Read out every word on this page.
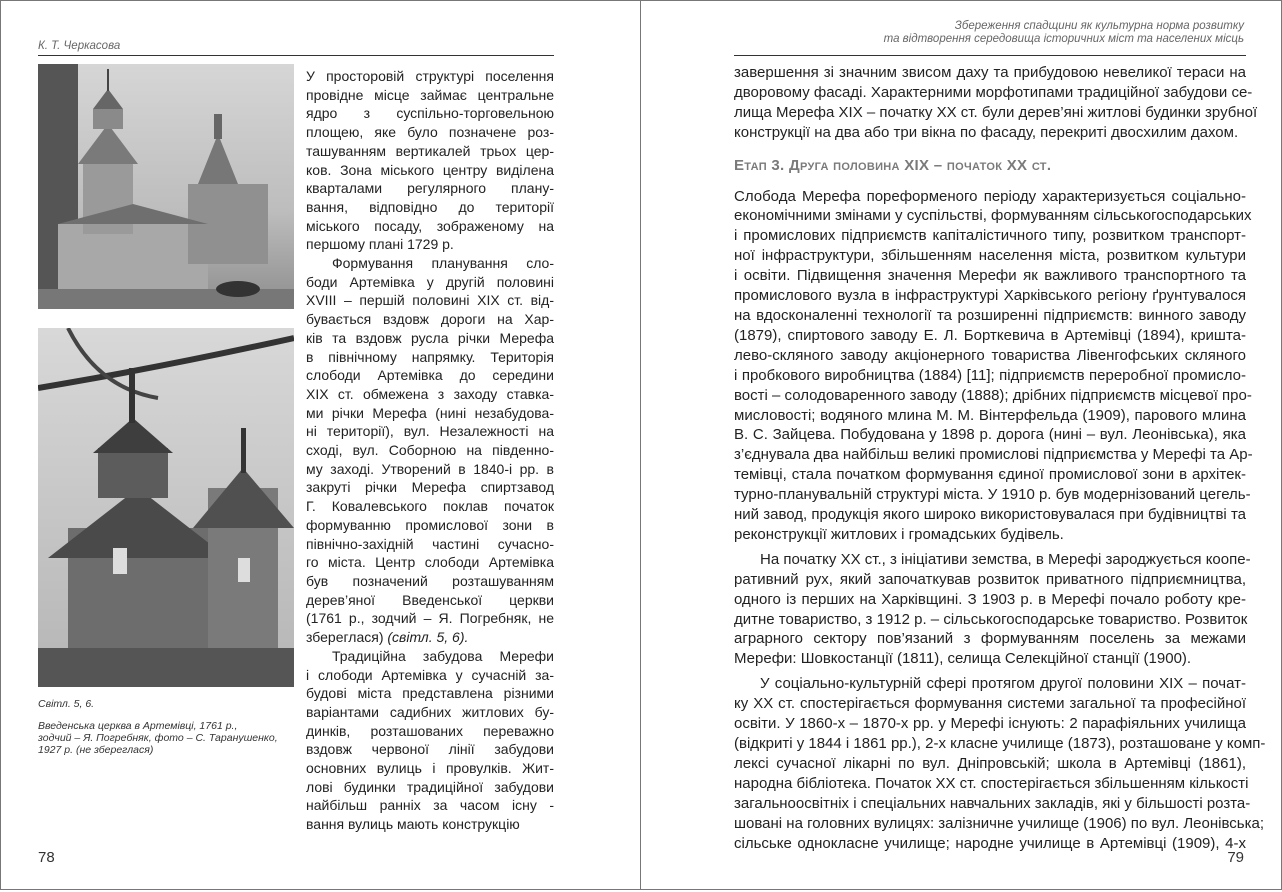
К. Т. Черкасова
Світл. 5, 6.
Введенська церква в Артемівці, 1761 р.,
зодчий – Я. Погребняк, фото – С. Таранушенко,
1927 р. (не збереглася)
У просторовій структурі поселення
провідне місце займає центральне
ядро з суспільно-торговельною
площею, яке було позначене роз-
ташуванням вертикалей трьох цер-
ков. Зона міського центру виділена
кварталами регулярного плану-
вання, відповідно до території
міського посаду, зображеному на
першому плані 1729 р.
Формування планування сло-
боди Артемівка у другій половині
XVIII – першій половині XIX ст. від-
бувається вздовж дороги на Хар-
ків та вздовж русла річки Мерефа
в північному напрямку. Територія
слободи Артемівка до середини
XIX ст. обмежена з заходу ставка-
ми річки Мерефа (нині незабудова-
ні території), вул. Незалежності на
сході, вул. Соборною на південно-
му заході. Утворений в 1840-і рр. в
закруті річки Мерефа спиртзавод
Г. Ковалевського поклав початок
формуванню промислової зони в
північно-західній частині сучасно-
го міста. Центр слободи Артемівка
був позначений розташуванням
дерев’яної Введенської церкви
(1761 р., зодчий – Я. Погребняк, не
збереглася) (світл. 5, 6).
Традиційна забудова Мерефи
і слободи Артемівка у сучасній за-
будові міста представлена різними
варіантами садибних житлових бу-
динків, розташованих переважно
вздовж червоної лінії забудови
основних вулиць і провулків. Жит-
лові будинки традиційної забудови
найбільш ранніх за часом існу -
вання вулиць мають конструкцію
78
Збереження спадщини як культурна норма розвитку
та відтворення середовища історичних міст та населених місць
завершення зі значним звисом даху та прибудовою невеликої тераси на
дворовому фасаді. Характерними морфотипами традиційної забудови се-
лища Мерефа XIX – початку XX ст. були дерев’яні житлові будинки зрубної
конструкції на два або три вікна по фасаду, перекриті двосхилим дахом.
Етап 3. Друга половина XIX – початок XX ст.
Слобода Мерефа пореформеного періоду характеризується соціально-
економічними змінами у суспільстві, формуванням сільськогосподарських
і промислових підприємств капіталістичного типу, розвитком транспорт-
ної інфраструктури, збільшенням населення міста, розвитком культури
і освіти. Підвищення значення Мерефи як важливого транспортного та
промислового вузла в інфраструктурі Харківського регіону ґрунтувалося
на вдосконаленні технології та розширенні підприємств: винного заводу
(1879), спиртового заводу Е. Л. Борткевича в Артемівці (1894), кришта-
лево-скляного заводу акціонерного товариства Лівенгофських скляного
і пробкового виробництва (1884) [11]; підприємств переробної промисло-
вості – солодоваренного заводу (1888); дрібних підприємств місцевої про-
мисловості; водяного млина М. М. Вінтерфельда (1909), парового млина
В. С. Зайцева. Побудована у 1898 р. дорога (нині – вул. Леонівська), яка
з’єднувала два найбільш великі промислові підприємства у Мерефі та Ар-
темівці, стала початком формування єдиної промислової зони в архітек-
турно-планувальній структурі міста. У 1910 р. був модернізований цегель-
ний завод, продукція якого широко використовувалася при будівництві та
реконструкції житлових і громадських будівель.
На початку XX ст., з ініціативи земства, в Мерефі зароджується коопе-
ративний рух, який започаткував розвиток приватного підприємництва,
одного із перших на Харківщині. З 1903 р. в Мерефі почало роботу кре-
дитне товариство, з 1912 р. – сільськогосподарське товариство. Розвиток
аграрного сектору пов’язаний з формуванням поселень за межами
Мерефи: Шовкостанції (1811), селища Селекційної станції (1900).
У соціально-культурній сфері протягом другої половини XIX – почат-
ку XX ст. спостерігається формування системи загальної та професійної
освіти. У 1860-х – 1870-х рр. у Мерефі існують: 2 парафіяльних училища
(відкриті у 1844 і 1861 рр.), 2-х класне училище (1873), розташоване у комп-
лексі сучасної лікарні по вул. Дніпровській; школа в Артемівці (1861),
народна бібліотека. Початок XX ст. спостерігається збільшенням кількості
загальноосвітніх і спеціальних навчальних закладів, які у більшості розта-
шовані на головних вулицях: залізничне училище (1906) по вул. Леонівська;
сільське однокласне училище; народне училище в Артемівці (1909), 4-х
79
